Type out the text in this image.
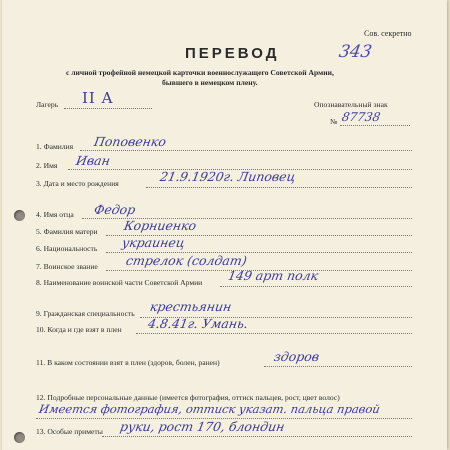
Сов. секретно
343
ПЕРЕВОД
с личной трофейной немецкой карточки военнослужащего Советской Армии,
бывшего в немецком плену.
Лагерь II A	Опознавательный знак
№ 87738
1. Фамилия Поповенко
2. Имя Иван
3. Дата и место рождения	21.9.1920г. Липовец
4. Имя отца Федор
5. Фамилия матери Корниенко
6. Национальность украинец
7. Воинское звание стрелок (солдат)
8. Наименование воинской части Советской Армии 149 арт полк
9. Гражданская специальность крестьянин
10. Когда и где взят в плен 4.8.41г. Умань.
11. В каком состоянии взят в плен (здоров, болен, ранен)	здоров
12. Подробные персональные данные (имеется фотография, оттиск пальцев, рост, цвет волос)
Имеется фотография, оттиск указат. пальца правой
13. Особые приметы руки, рост 170, блондин
